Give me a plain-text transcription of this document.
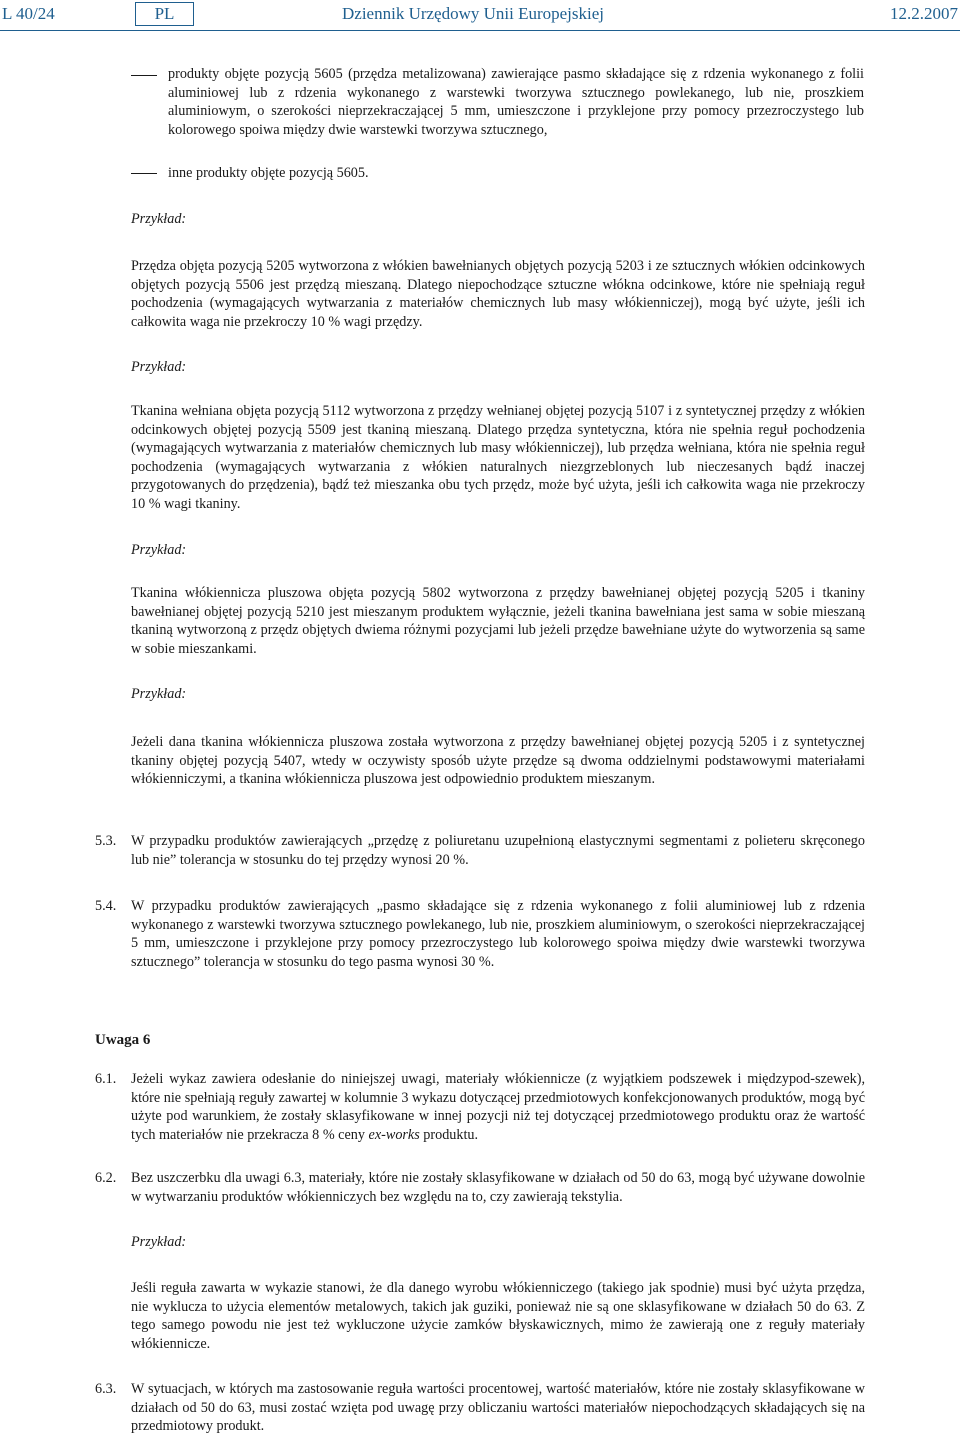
L 40/24	PL	Dziennik Urzędowy Unii Europejskiej	12.2.2007
produkty objęte pozycją 5605 (przędza metalizowana) zawierające pasmo składające się z rdzenia wykonanego z folii aluminiowej lub z rdzenia wykonanego z warstewki tworzywa sztucznego powlekanego, lub nie, proszkiem aluminiowym, o szerokości nieprzekraczającej 5 mm, umieszczone i przyklejone przy pomocy przezroczystego lub kolorowego spoiwa między dwie warstewki tworzywa sztucznego,
inne produkty objęte pozycją 5605.
Przykład:
Przędza objęta pozycją 5205 wytworzona z włókien bawełnianych objętych pozycją 5203 i ze sztucznych włókien odcinkowych objętych pozycją 5506 jest przędzą mieszaną. Dlatego niepochodzące sztuczne włókna odcinkowe, które nie spełniają reguł pochodzenia (wymagających wytwarzania z materiałów chemicznych lub masy włókienniczej), mogą być użyte, jeśli ich całkowita waga nie przekroczy 10 % wagi przędzy.
Przykład:
Tkanina wełniana objęta pozycją 5112 wytworzona z przędzy wełnianej objętej pozycją 5107 i z syntetycznej przędzy z włókien odcinkowych objętej pozycją 5509 jest tkaniną mieszaną. Dlatego przędza syntetyczna, która nie spełnia reguł pochodzenia (wymagających wytwarzania z materiałów chemicznych lub masy włókienniczej), lub przędza wełniana, która nie spełnia reguł pochodzenia (wymagających wytwarzania z włókien naturalnych niezgrzeblonych lub nieczesanych bądź inaczej przygotowanych do przędzenia), bądź też mieszanka obu tych przędz, może być użyta, jeśli ich całkowita waga nie przekroczy 10 % wagi tkaniny.
Przykład:
Tkanina włókiennicza pluszowa objęta pozycją 5802 wytworzona z przędzy bawełnianej objętej pozycją 5205 i tkaniny bawełnianej objętej pozycją 5210 jest mieszanym produktem wyłącznie, jeżeli tkanina bawełniana jest sama w sobie mieszaną tkaniną wytworzoną z przędz objętych dwiema różnymi pozycjami lub jeżeli przędze bawełniane użyte do wytworzenia są same w sobie mieszankami.
Przykład:
Jeżeli dana tkanina włókiennicza pluszowa została wytworzona z przędzy bawełnianej objętej pozycją 5205 i z syntetycznej tkaniny objętej pozycją 5407, wtedy w oczywisty sposób użyte przędze są dwoma oddzielnymi podstawowymi materiałami włókienniczymi, a tkanina włókiennicza pluszowa jest odpowiednio produktem mieszanym.
5.3. W przypadku produktów zawierających „przędzę z poliuretanu uzupełnioną elastycznymi segmentami z polieteru skręconego lub nie” tolerancja w stosunku do tej przędzy wynosi 20 %.
5.4. W przypadku produktów zawierających „pasmo składające się z rdzenia wykonanego z folii aluminiowej lub z rdzenia wykonanego z warstewki tworzywa sztucznego powlekanego, lub nie, proszkiem aluminiowym, o szerokości nieprzekraczającej 5 mm, umieszczone i przyklejone przy pomocy przezroczystego lub kolorowego spoiwa między dwie warstewki tworzywa sztucznego” tolerancja w stosunku do tego pasma wynosi 30 %.
Uwaga 6
6.1. Jeżeli wykaz zawiera odesłanie do niniejszej uwagi, materiały włókiennicze (z wyjątkiem podszewek i międzypod-szewek), które nie spełniają reguły zawartej w kolumnie 3 wykazu dotyczącej przedmiotowych konfekcjonowanych produktów, mogą być użyte pod warunkiem, że zostały sklasyfikowane w innej pozycji niż tej dotyczącej przedmiotowego produktu oraz że wartość tych materiałów nie przekracza 8 % ceny ex-works produktu.
6.2. Bez uszczerbku dla uwagi 6.3, materiały, które nie zostały sklasyfikowane w działach od 50 do 63, mogą być używane dowolnie w wytwarzaniu produktów włókienniczych bez względu na to, czy zawierają tekstylia.
Przykład:
Jeśli reguła zawarta w wykazie stanowi, że dla danego wyrobu włókienniczego (takiego jak spodnie) musi być użyta przędza, nie wyklucza to użycia elementów metalowych, takich jak guziki, ponieważ nie są one sklasyfikowane w działach 50 do 63. Z tego samego powodu nie jest też wykluczone użycie zamków błyskawicznych, mimo że zawierają one z reguły materiały włókiennicze.
6.3. W sytuacjach, w których ma zastosowanie reguła wartości procentowej, wartość materiałów, które nie zostały sklasyfikowane w działach od 50 do 63, musi zostać wzięta pod uwagę przy obliczaniu wartości materiałów niepochodzących składających się na przedmiotowy produkt.
